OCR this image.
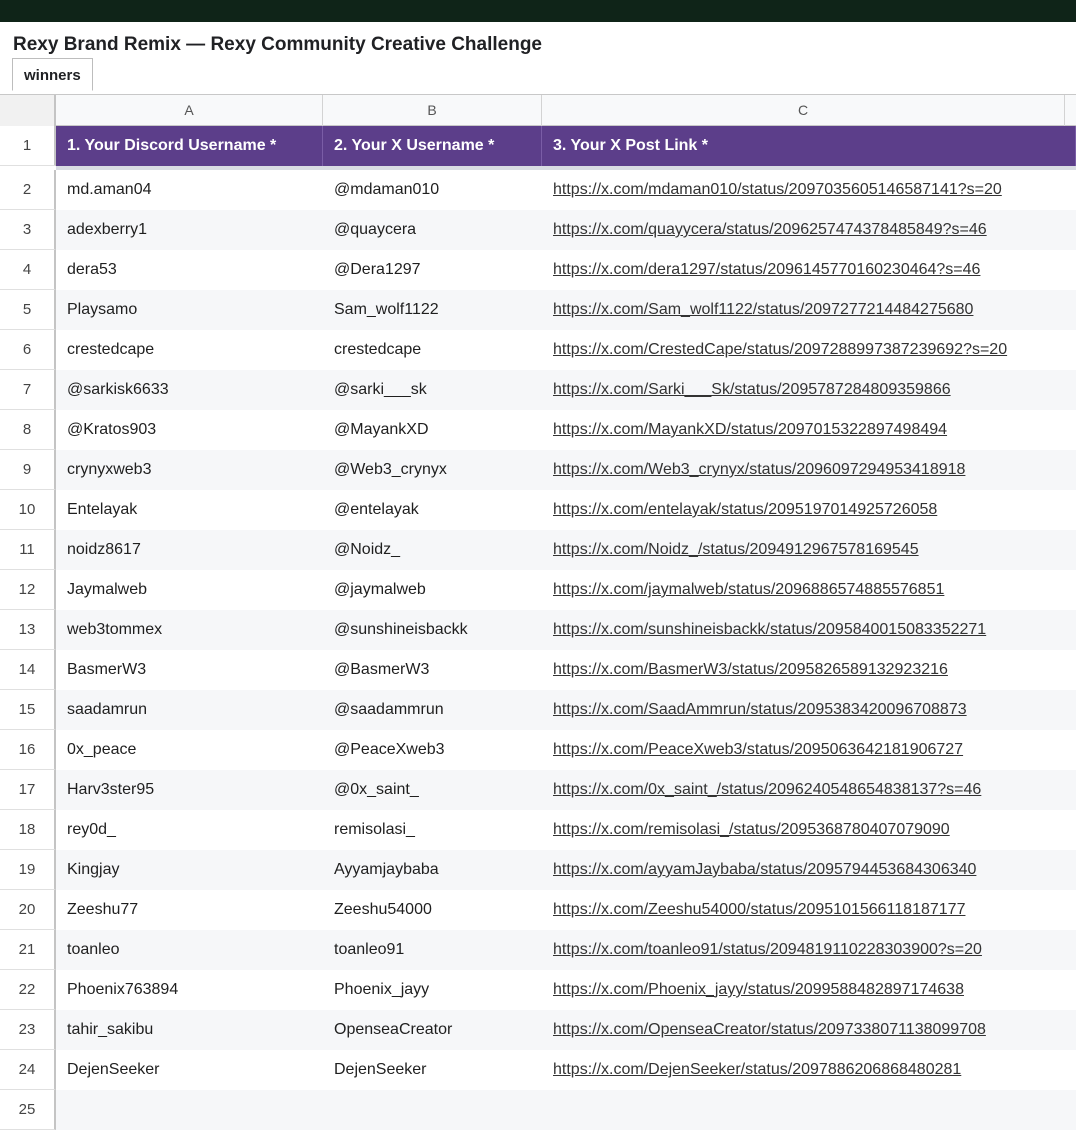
Rexy Brand Remix — Rexy Community Creative Challenge
winners
A	B	C
1	1. Your Discord Username *	2. Your X Username *	3. Your X Post Link *
2	md.aman04	@mdaman010	https://x.com/mdaman010/status/2097035605146587141?s=20
3	adexberry1	@quaycera	https://x.com/quayycera/status/2096257474378485849?s=46
4	dera53	@Dera1297	https://x.com/dera1297/status/2096145770160230464?s=46
5	Playsamo	Sam_wolf1122	https://x.com/Sam_wolf1122/status/2097277214484275680
6	crestedcape	crestedcape	https://x.com/CrestedCape/status/2097288997387239692?s=20
7	@sarkisk6633	@sarki___sk	https://x.com/Sarki___Sk/status/2095787284809359866
8	@Kratos903	@MayankXD	https://x.com/MayankXD/status/2097015322897498494
9	crynyxweb3	@Web3_crynyx	https://x.com/Web3_crynyx/status/2096097294953418918
10	Entelayak	@entelayak	https://x.com/entelayak/status/2095197014925726058
11	noidz8617	@Noidz_	https://x.com/Noidz_/status/2094912967578169545
12	Jaymalweb	@jaymalweb	https://x.com/jaymalweb/status/2096886574885576851
13	web3tommex	@sunshineisbackk	https://x.com/sunshineisbackk/status/2095840015083352271
14	BasmerW3	@BasmerW3	https://x.com/BasmerW3/status/2095826589132923216
15	saadamrun	@saadammrun	https://x.com/SaadAmmrun/status/2095383420096708873
16	0x_peace	@PeaceXweb3	https://x.com/PeaceXweb3/status/2095063642181906727
17	Harv3ster95	@0x_saint_	https://x.com/0x_saint_/status/2096240548654838137?s=46
18	rey0d_	remisolasi_	https://x.com/remisolasi_/status/2095368780407079090
19	Kingjay	Ayyamjaybaba	https://x.com/ayyamJaybaba/status/2095794453684306340
20	Zeeshu77	Zeeshu54000	https://x.com/Zeeshu54000/status/2095101566118187177
21	toanleo	toanleo91	https://x.com/toanleo91/status/2094819110228303900?s=20
22	Phoenix763894	Phoenix_jayy	https://x.com/Phoenix_jayy/status/2099588482897174638
23	tahir_sakibu	OpenseaCreator	https://x.com/OpenseaCreator/status/2097338071138099708
24	DejenSeeker	DejenSeeker	https://x.com/DejenSeeker/status/2097886206868480281
25
